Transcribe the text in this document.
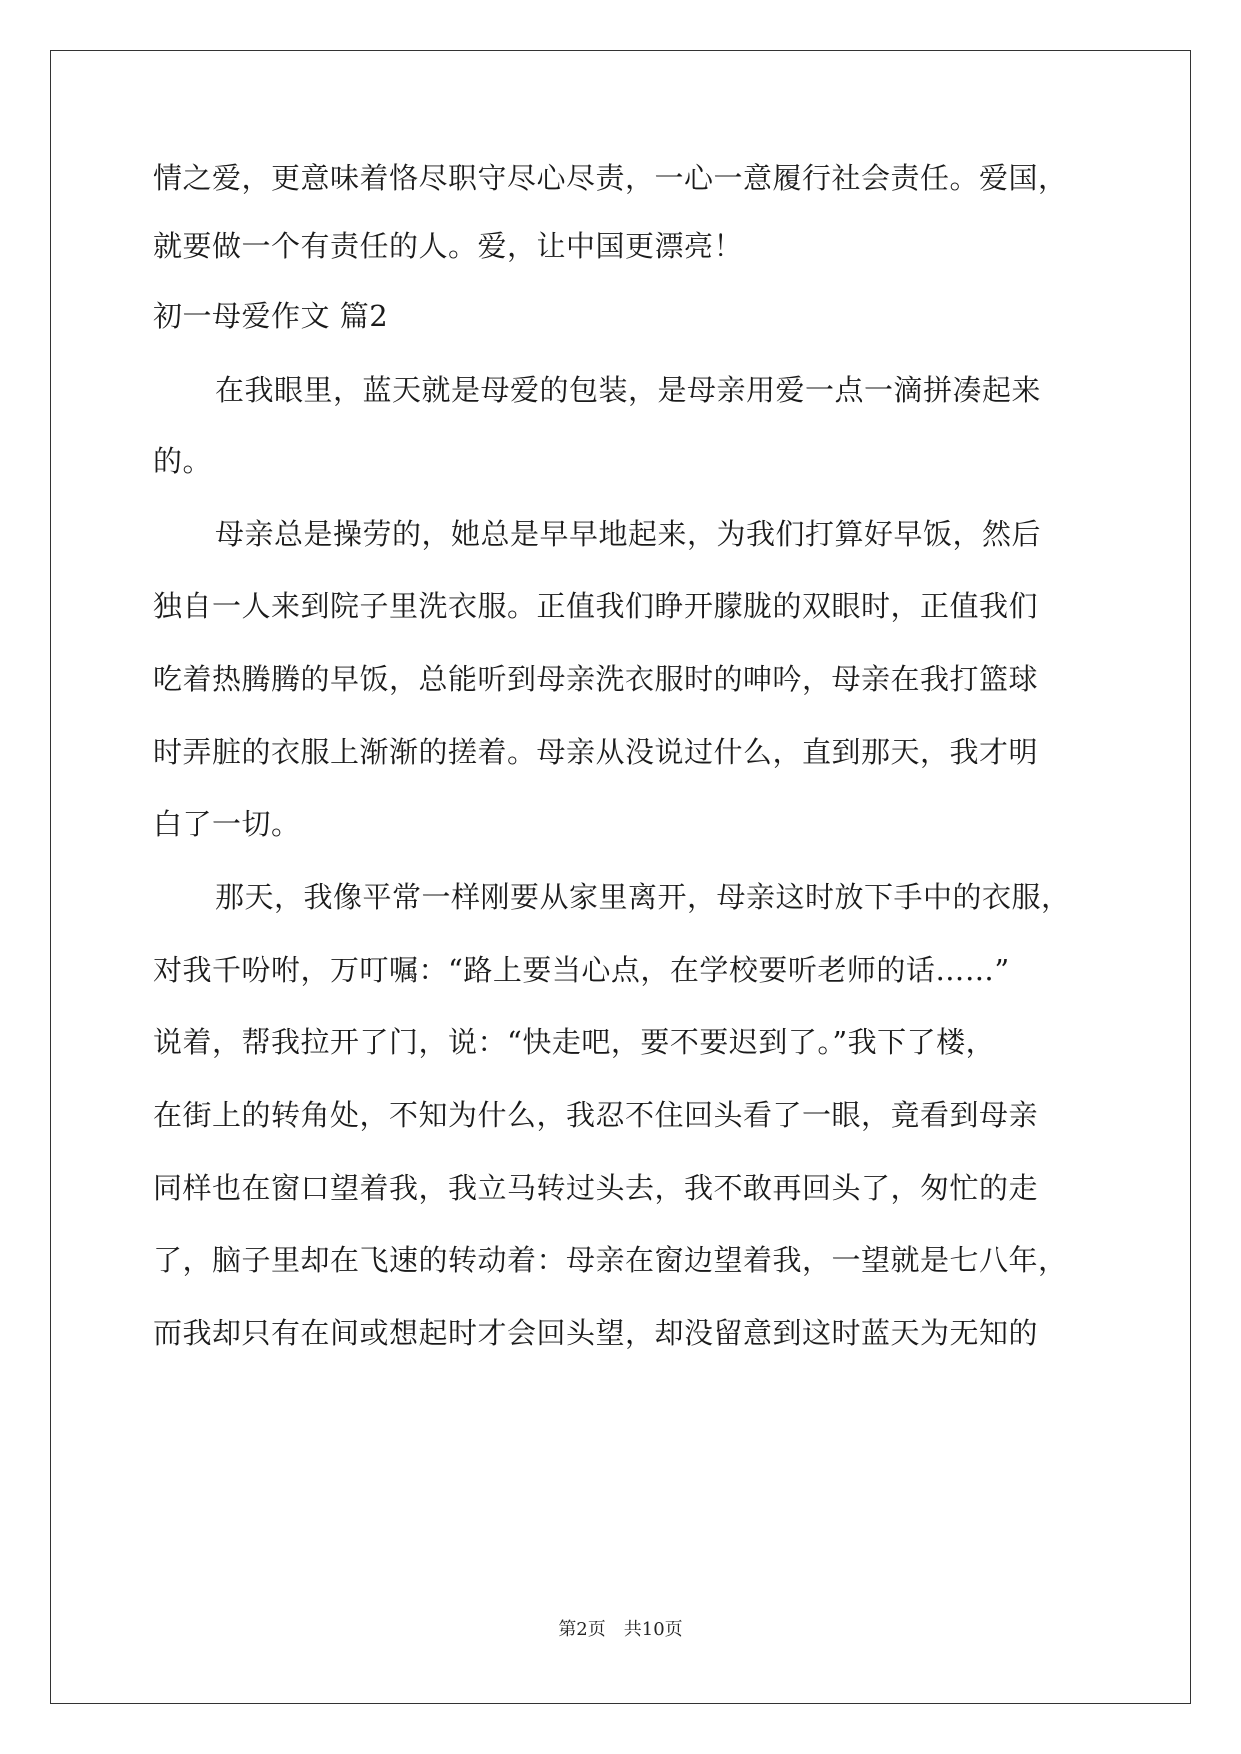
情之爱，更意味着恪尽职守尽心尽责，一心一意履行社会责任。爱国，
就要做一个有责任的人。爱，让中国更漂亮！
初一母爱作文 篇2
在我眼里，蓝天就是母爱的包装，是母亲用爱一点一滴拼凑起来
的。
母亲总是操劳的，她总是早早地起来，为我们打算好早饭，然后
独自一人来到院子里洗衣服。正值我们睁开朦胧的双眼时，正值我们
吃着热腾腾的早饭，总能听到母亲洗衣服时的呻吟，母亲在我打篮球
时弄脏的衣服上渐渐的搓着。母亲从没说过什么，直到那天，我才明
白了一切。
那天，我像平常一样刚要从家里离开，母亲这时放下手中的衣服，
对我千吩咐，万叮嘱：“路上要当心点，在学校要听老师的话……”
说着，帮我拉开了门，说：“快走吧，要不要迟到了。”我下了楼，
在街上的转角处，不知为什么，我忍不住回头看了一眼，竟看到母亲
同样也在窗口望着我，我立马转过头去，我不敢再回头了，匆忙的走
了，脑子里却在飞速的转动着：母亲在窗边望着我，一望就是七八年，
而我却只有在间或想起时才会回头望，却没留意到这时蓝天为无知的
第2页　共10页
